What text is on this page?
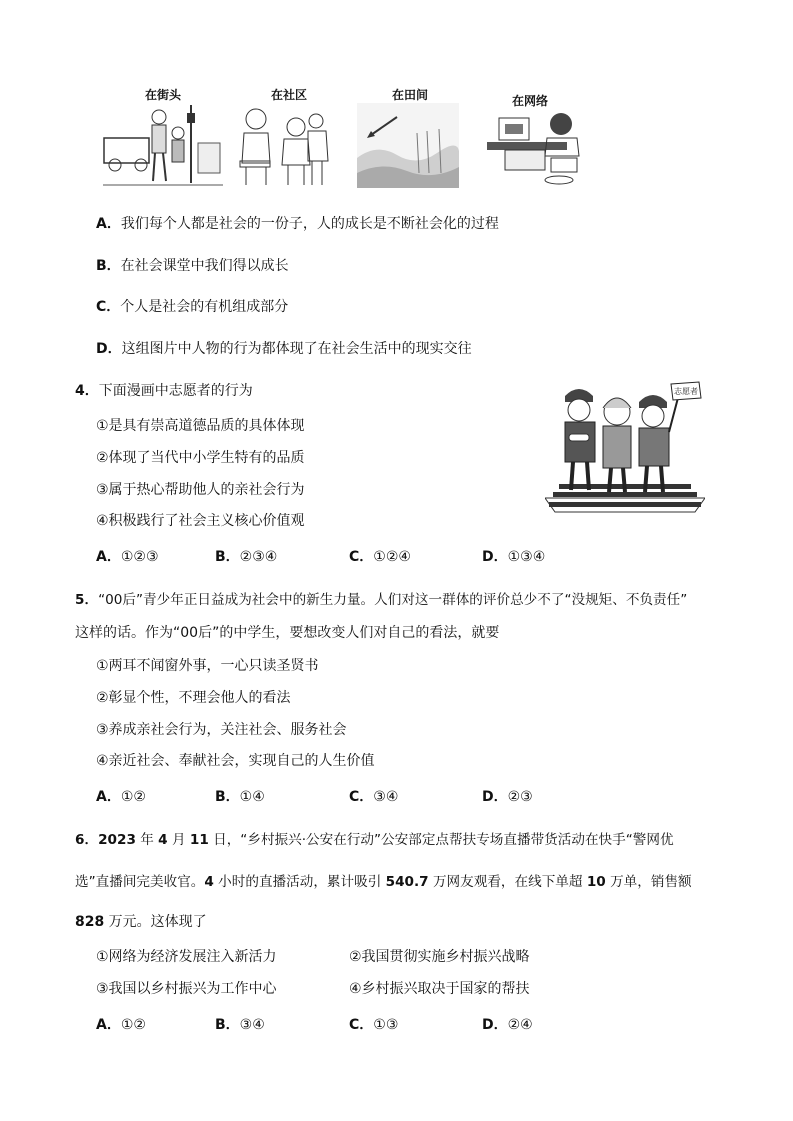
在街头	在社区	在田间	在网络
A．我们每个人都是社会的一份子，人的成长是不断社会化的过程
B．在社会课堂中我们得以成长
C．个人是社会的有机组成部分
D．这组图片中人物的行为都体现了在社会生活中的现实交往
4．下面漫画中志愿者的行为
①是具有崇高道德品质的具体体现
②体现了当代中小学生特有的品质
③属于热心帮助他人的亲社会行为
④积极践行了社会主义核心价值观
志愿者
A．①②③	B．②③④	C．①②④	D．①③④
5．“00后”青少年正日益成为社会中的新生力量。人们对这一群体的评价总少不了“没规矩、不负责任”
这样的话。作为“00后”的中学生，要想改变人们对自己的看法，就要
①两耳不闻窗外事，一心只读圣贤书
②彰显个性，不理会他人的看法
③养成亲社会行为，关注社会、服务社会
④亲近社会、奉献社会，实现自己的人生价值
A．①②	B．①④	C．③④	D．②③
6．2023 年 4 月 11 日，“乡村振兴·公安在行动”公安部定点帮扶专场直播带货活动在快手“警网优
选”直播间完美收官。4 小时的直播活动，累计吸引 540.7 万网友观看，在线下单超 10 万单，销售额
828 万元。这体现了
①网络为经济发展注入新活力	②我国贯彻实施乡村振兴战略
③我国以乡村振兴为工作中心	④乡村振兴取决于国家的帮扶
A．①②	B．③④	C．①③	D．②④
